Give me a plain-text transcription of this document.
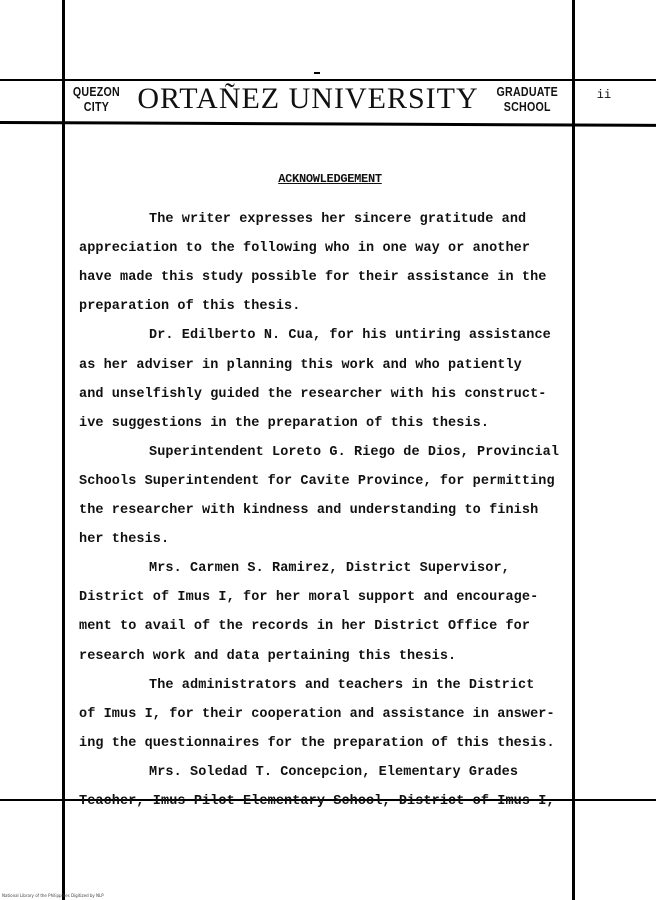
QUEZON CITY ORTAÑEZ UNIVERSITY	GRADUATE SCHOOL
ii
ACKNOWLEDGEMENT
The writer expresses her sincere gratitude and
appreciation to the following who in one way or another
have made this study possible for their assistance in the
preparation of this thesis.
Dr. Edilberto N. Cua, for his untiring assistance
as her adviser in planning this work and who patiently
and unselfishly guided the researcher with his construct-
ive suggestions in the preparation of this thesis.
Superintendent Loreto G. Riego de Dios, Provincial
Schools Superintendent for Cavite Province, for permitting
the researcher with kindness and understanding to finish
her thesis.
Mrs. Carmen S. Ramirez, District Supervisor,
District of Imus I, for her moral support and encourage-
ment to avail of the records in her District Office for
research work and data pertaining this thesis.
The administrators and teachers in the District
of Imus I, for their cooperation and assistance in answer-
ing the questionnaires for the preparation of this thesis.
Mrs. Soledad T. Concepcion, Elementary Grades
Teacher, Imus Pilot Elementary School, District of Imus I,
National Library of the Philippines Digitized by NLP
